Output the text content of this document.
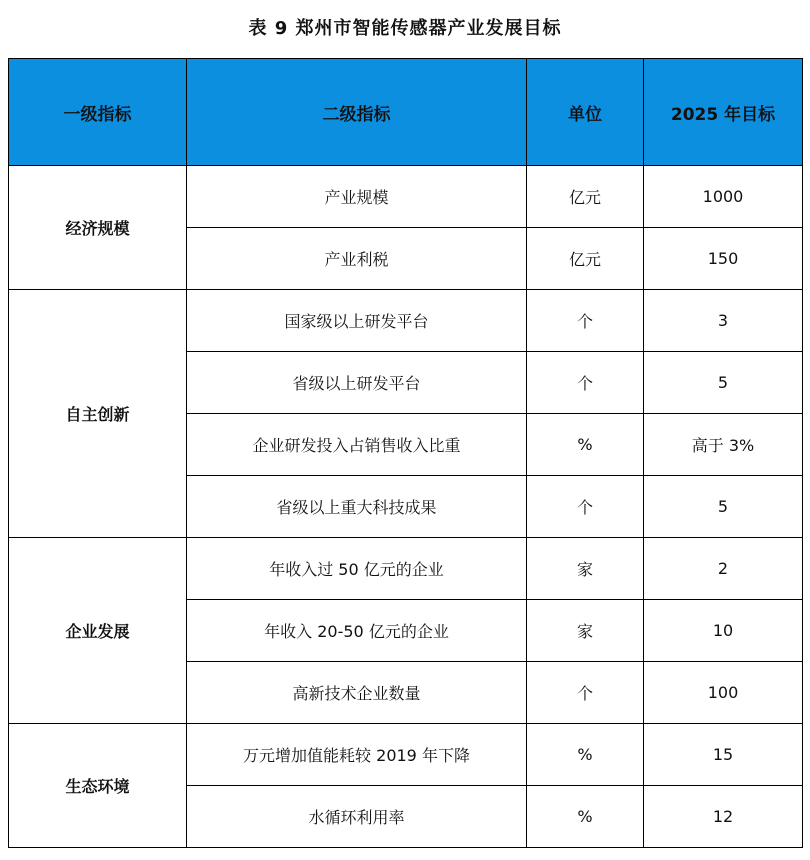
表 9 郑州市智能传感器产业发展目标
一级指标	二级指标	单位	2025 年目标
经济规模	产业规模	亿元	1000
	产业利税	亿元	150
自主创新	国家级以上研发平台	个	3
	省级以上研发平台	个	5
	企业研发投入占销售收入比重	%	高于 3%
	省级以上重大科技成果	个	5
企业发展	年收入过 50 亿元的企业	家	2
	年收入 20-50 亿元的企业	家	10
	高新技术企业数量	个	100
生态环境	万元增加值能耗较 2019 年下降	%	15
	水循环利用率	%	12
